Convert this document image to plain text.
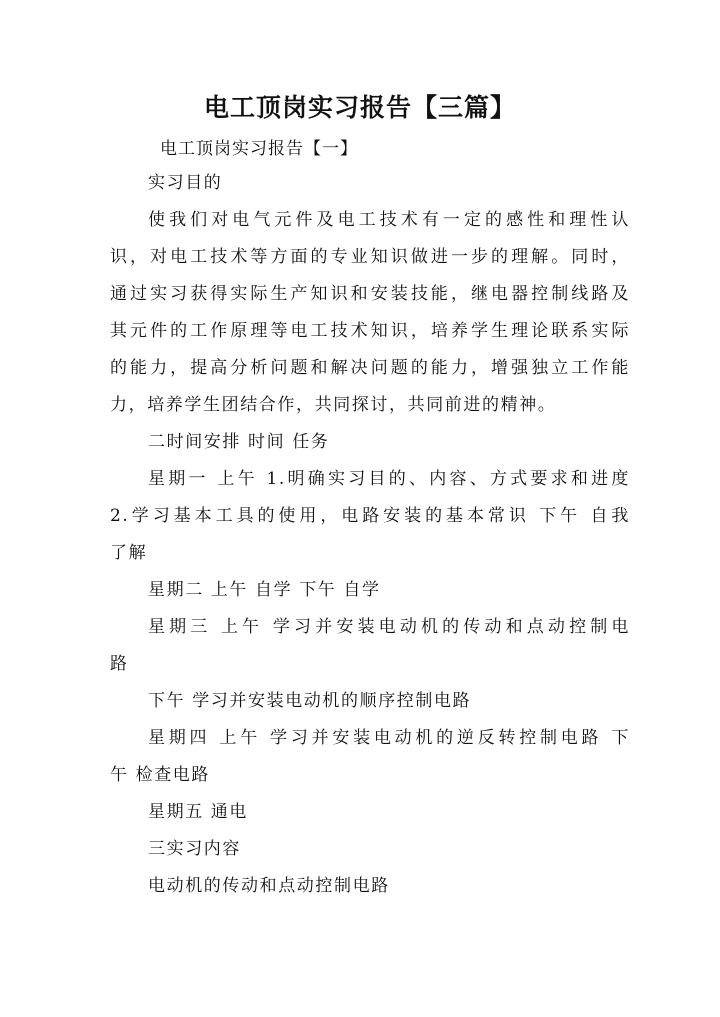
电工顶岗实习报告【三篇】
电工顶岗实习报告【一】
实习目的
使我们对电气元件及电工技术有一定的感性和理性认
识，对电工技术等方面的专业知识做进一步的理解。同时，
通过实习获得实际生产知识和安装技能，继电器控制线路及
其元件的工作原理等电工技术知识，培养学生理论联系实际
的能力，提高分析问题和解决问题的能力，增强独立工作能
力，培养学生团结合作，共同探讨，共同前进的精神。
二时间安排 时间 任务
星期一 上午 1.明确实习目的、内容、方式要求和进度
2.学习基本工具的使用，电路安装的基本常识 下午 自我
了解
星期二 上午 自学 下午 自学
星期三 上午 学习并安装电动机的传动和点动控制电
路
下午 学习并安装电动机的顺序控制电路
星期四 上午 学习并安装电动机的逆反转控制电路 下
午 检查电路
星期五 通电
三实习内容
电动机的传动和点动控制电路
